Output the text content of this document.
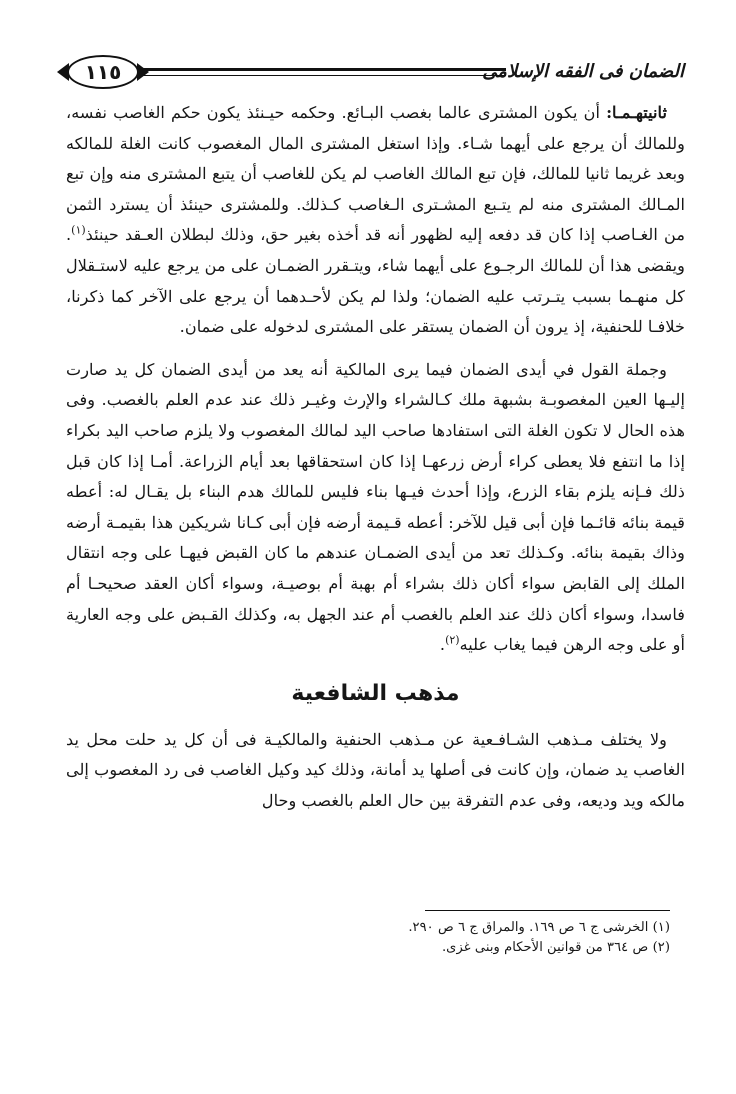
الضمان فى الفقه الإسلامى
١١٥

ثانيتهـمـا: أن يكون المشترى عالما بغصب البـائع. وحكمه حيـنئذ يكون حكم الغاصب نفسه، وللمالك أن يرجع على أيهما شـاء. وإذا استغل المشترى المال المغصوب كانت الغلة للمالكه وبعد غريما ثانيا للمالك، فإن تبع المالك الغاصب لم يكن للغاصب أن يتبع المشترى منه وإن تبع المـالك المشترى منه لم يتـبع المشـترى الـغاصب كـذلك. وللمشترى حينئذ أن يسترد الثمن من الغـاصب إذا كان قد دفعه إليه لظهور أنه قد أخذه بغير حق، وذلك لبطلان العـقد حينئذ$^{(١)}$. ويقضى هذا أن للمالك الرجـوع على أيهما شاء، ويتـقرر الضمـان على من يرجع عليه لاستـقلال كل منهـما بسبب يتـرتب عليه الضمان؛ ولذا لم يكن لأحـدهما أن يرجع على الآخر كما ذكرنا، خلافـا للحنفية، إذ يرون أن الضمان يستقر على المشترى لدخوله على ضمان.

وجملة القول في أيدى الضمان فيما يرى المالكية أنه يعد من أيدى الضمان كل يد صارت إليـها العين المغصوبـة بشبهة ملك كـالشراء والإرث وغيـر ذلك عند عدم العلم بالغصب. وفى هذه الحال لا تكون الغلة التى استفادها صاحب اليد لمالك المغصوب ولا يلزم صاحب اليد بكراء إذا ما انتفع فلا يعطى كراء أرض زرعهـا إذا كان استحقاقها بعد أيام الزراعة. أمـا إذا كان قبل ذلك فـإنه يلزم بقاء الزرع، وإذا أحدث فيـها بناء فليس للمالك هدم البناء بل يقـال له: أعطه قيمة بنائه قائـما فإن أبى قيل للآخر: أعطه قـيمة أرضه فإن أبى كـانا شريكين هذا بقيمـة أرضه وذاك بقيمة بنائه. وكـذلك تعد من أيدى الضمـان عندهم ما كان القبض فيهـا على وجه انتقال الملك إلى القابض سواء أكان ذلك بشراء أم بهبة أم بوصيـة، وسواء أكان العقد صحيحـا أم فاسدا، وسواء أكان ذلك عند العلم بالغصب أم عند الجهل به، وكذلك القـبض على وجه العارية أو على وجه الرهن فيما يغاب عليه$^{(٢)}$.

مذهب الشافعية

ولا يختلف مـذهب الشـافـعية عن مـذهب الحنفية والمالكيـة فى أن كل يد حلت محل يد الغاصب يد ضمان، وإن كانت فى أصلها يد أمانة، وذلك كيد وكيل الغاصب فى رد المغصوب إلى مالكه ويد وديعه، وفى عدم التفرقة بين حال العلم بالغصب وحال

(١) الخرشى ج ٦ ص ١٦٩. والمراق ج ٦ ص ٢٩٠.
(٢) ص ٣٦٤ من قوانين الأحكام وبنى غزى.
